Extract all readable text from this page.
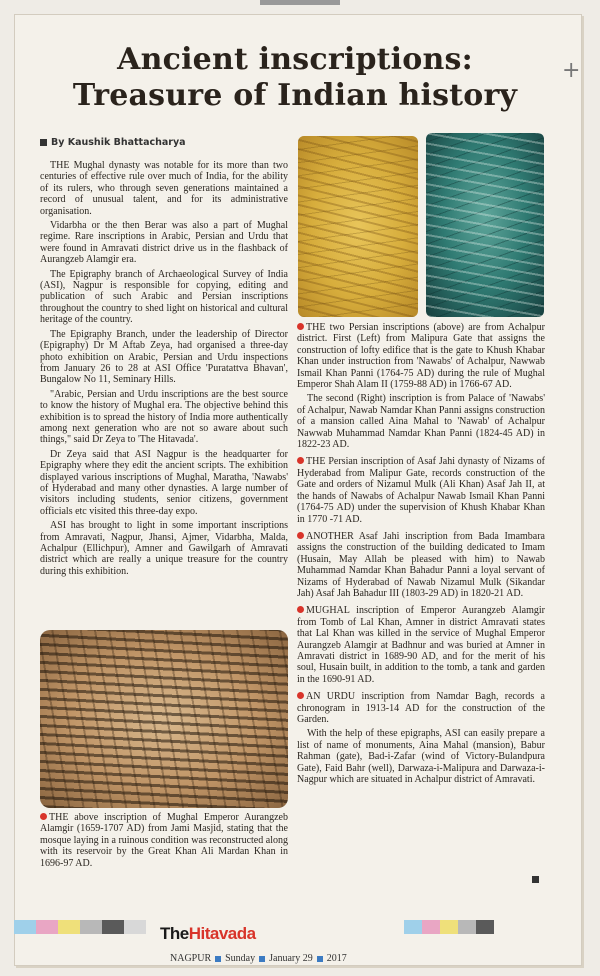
+
Ancient inscriptions:
Treasure of Indian history
By Kaushik Bhattacharya

THE Mughal dynasty was notable for its more than two centuries of effective rule over much of India, for the ability of its rulers, who through seven generations maintained a record of unusual talent, and for its administrative organisation.

Vidarbha or the then Berar was also a part of Mughal regime. Rare inscriptions in Arabic, Persian and Urdu that were found in Amravati district drive us in the flashback of Aurangzeb Alamgir era.

The Epigraphy branch of Archaeological Survey of India (ASI), Nagpur is responsible for copying, editing and publication of such Arabic and Persian inscriptions throughout the country to shed light on historical and cultural heritage of the country.

The Epigraphy Branch, under the leadership of Director (Epigraphy) Dr M Aftab Zeya, had organised a three-day photo exhibition on Arabic, Persian and Urdu inspections from January 26 to 28 at ASI Office 'Puratattva Bhavan', Bungalow No 11, Seminary Hills.

"Arabic, Persian and Urdu inscriptions are the best source to know the history of Mughal era. The objective behind this exhibition is to spread the history of India more authentically among next generation who are not so aware about such things," said Dr Zeya to 'The Hitavada'.

Dr Zeya said that ASI Nagpur is the headquarter for Epigraphy where they edit the ancient scripts. The exhibition displayed various inscriptions of Mughal, Maratha, 'Nawabs' of Hyderabad and many other dynasties. A large number of visitors including students, senior citizens, government officials etc visited this three-day expo.

ASI has brought to light in some important inscriptions from Amravati, Nagpur, Jhansi, Ajmer, Vidarbha, Malda, Achalpur (Ellichpur), Amner and Gawilgarh of Amravati district which are really a unique treasure for the country during this exhibition.

THE above inscription of Mughal Emperor Aurangzeb Alamgir (1659-1707 AD) from Jami Masjid, stating that the mosque laying in a ruinous condition was reconstructed along with its reservoir by the Great Khan Ali Mardan Khan in 1696-97 AD.

THE two Persian inscriptions (above) are from Achalpur district. First (Left) from Malipura Gate that assigns the construction of lofty edifice that is the gate to Khush Khabar Khan under instruction from 'Nawabs' of Achalpur, Nawwab Ismail Khan Panni (1764-75 AD) during the rule of Mughal Emperor Shah Alam II (1759-88 AD) in 1766-67 AD.

The second (Right) inscription is from Palace of 'Nawabs' of Achalpur, Nawab Namdar Khan Panni assigns construction of a mansion called Aina Mahal to 'Nawab' of Achalpur Nawwab Muhammad Namdar Khan Panni (1824-45 AD) in 1822-23 AD.

THE Persian inscription of Asaf Jahi dynasty of Nizams of Hyderabad from Malipur Gate, records construction of the Gate and orders of Nizamul Mulk (Ali Khan) Asaf Jah II, at the hands of Nawabs of Achalpur Nawab Ismail Khan Panni (1764-75 AD) under the supervision of Khush Khabar Khan in 1770 -71 AD.

ANOTHER Asaf Jahi inscription from Bada Imambara assigns the construction of the building dedicated to Imam (Husain, May Allah be pleased with him) to Nawab Muhammad Namdar Khan Bahadur Panni a loyal servant of Nizams of Hyderabad of Nawab Nizamul Mulk (Sikandar Jah) Asaf Jah Bahadur III (1803-29 AD) in 1820-21 AD.

MUGHAL inscription of Emperor Aurangzeb Alamgir from Tomb of Lal Khan, Amner in district Amravati states that Lal Khan was killed in the service of Mughal Emperor Aurangzeb Alamgir at Badhnur and was buried at Amner in Amravati district in 1689-90 AD, and for the merit of his soul, Husain built, in addition to the tomb, a tank and garden in the 1690-91 AD.

AN URDU inscription from Namdar Bagh, records a chronogram in 1913-14 AD for the construction of the Garden.

With the help of these epigraphs, ASI can easily prepare a list of name of monuments, Aina Mahal (mansion), Babur Rahman (gate), Bad-i-Zafar (wind of Victory-Bulandpura Gate), Faid Bahr (well), Darwaza-i-Malipura and Darwaza-i-Nagpur which are situated in Achalpur district of Amravati.

TheHitavada
NAGPUR Sunday January 29 2017
